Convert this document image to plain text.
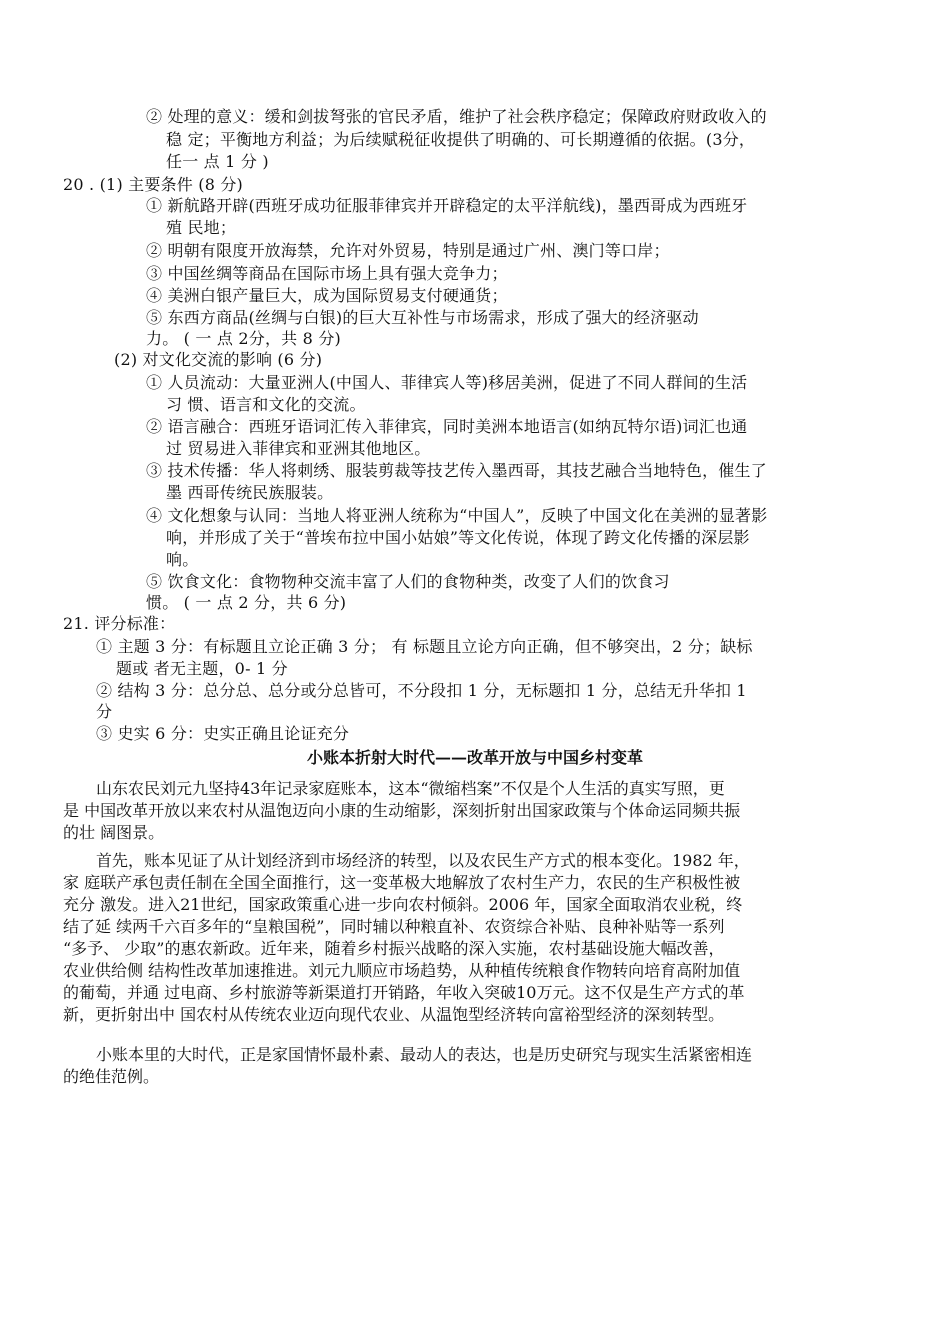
② 处理的意义：缓和剑拔弩张的官民矛盾，维护了社会秩序稳定；保障政府财政收入的
稳 定；平衡地方利益；为后续赋税征收提供了明确的、可长期遵循的依据。(3分，
任一 点 1 分 )
20 . (1) 主要条件 (8 分)
① 新航路开辟(西班牙成功征服菲律宾并开辟稳定的太平洋航线)，墨西哥成为西班牙
殖 民地；
② 明朝有限度开放海禁，允许对外贸易，特别是通过广州、澳门等口岸；
③ 中国丝绸等商品在国际市场上具有强大竞争力；
④ 美洲白银产量巨大，成为国际贸易支付硬通货；
⑤ 东西方商品(丝绸与白银)的巨大互补性与市场需求，形成了强大的经济驱动
力。 ( 一 点 2分，共 8 分)
(2) 对文化交流的影响 (6 分)
① 人员流动：大量亚洲人(中国人、菲律宾人等)移居美洲，促进了不同人群间的生活
习 惯、语言和文化的交流。
② 语言融合：西班牙语词汇传入菲律宾，同时美洲本地语言(如纳瓦特尔语)词汇也通
过 贸易进入菲律宾和亚洲其他地区。
③ 技术传播：华人将刺绣、服装剪裁等技艺传入墨西哥，其技艺融合当地特色，催生了
墨 西哥传统民族服装。
④ 文化想象与认同：当地人将亚洲人统称为“中国人”，反映了中国文化在美洲的显著影
响，并形成了关于“普埃布拉中国小姑娘”等文化传说，体现了跨文化传播的深层影
响。
⑤ 饮食文化：食物物种交流丰富了人们的食物种类，改变了人们的饮食习
惯。 ( 一 点 2 分，共 6 分)
21. 评分标准：
① 主题 3 分：有标题且立论正确 3 分； 有 标题且立论方向正确，但不够突出，2 分；缺标
题或 者无主题，0- 1 分
② 结构 3 分：总分总、总分或分总皆可，不分段扣 1 分，无标题扣 1 分，总结无升华扣 1
分
③ 史实 6 分：史实正确且论证充分
小账本折射大时代——改革开放与中国乡村变革
山东农民刘元九坚持43年记录家庭账本，这本“微缩档案”不仅是个人生活的真实写照，更
是 中国改革开放以来农村从温饱迈向小康的生动缩影，深刻折射出国家政策与个体命运同频共振
的壮 阔图景。
首先，账本见证了从计划经济到市场经济的转型，以及农民生产方式的根本变化。1982 年，
家 庭联产承包责任制在全国全面推行，这一变革极大地解放了农村生产力，农民的生产积极性被
充分 激发。进入21世纪，国家政策重心进一步向农村倾斜。2006 年，国家全面取消农业税，终
结了延 续两千六百多年的“皇粮国税”，同时辅以种粮直补、农资综合补贴、良种补贴等一系列
“多予、 少取”的惠农新政。近年来，随着乡村振兴战略的深入实施，农村基础设施大幅改善，
农业供给侧 结构性改革加速推进。刘元九顺应市场趋势，从种植传统粮食作物转向培育高附加值
的葡萄，并通 过电商、乡村旅游等新渠道打开销路，年收入突破10万元。这不仅是生产方式的革
新，更折射出中 国农村从传统农业迈向现代农业、从温饱型经济转向富裕型经济的深刻转型。
小账本里的大时代，正是家国情怀最朴素、最动人的表达，也是历史研究与现实生活紧密相连
的绝佳范例。
